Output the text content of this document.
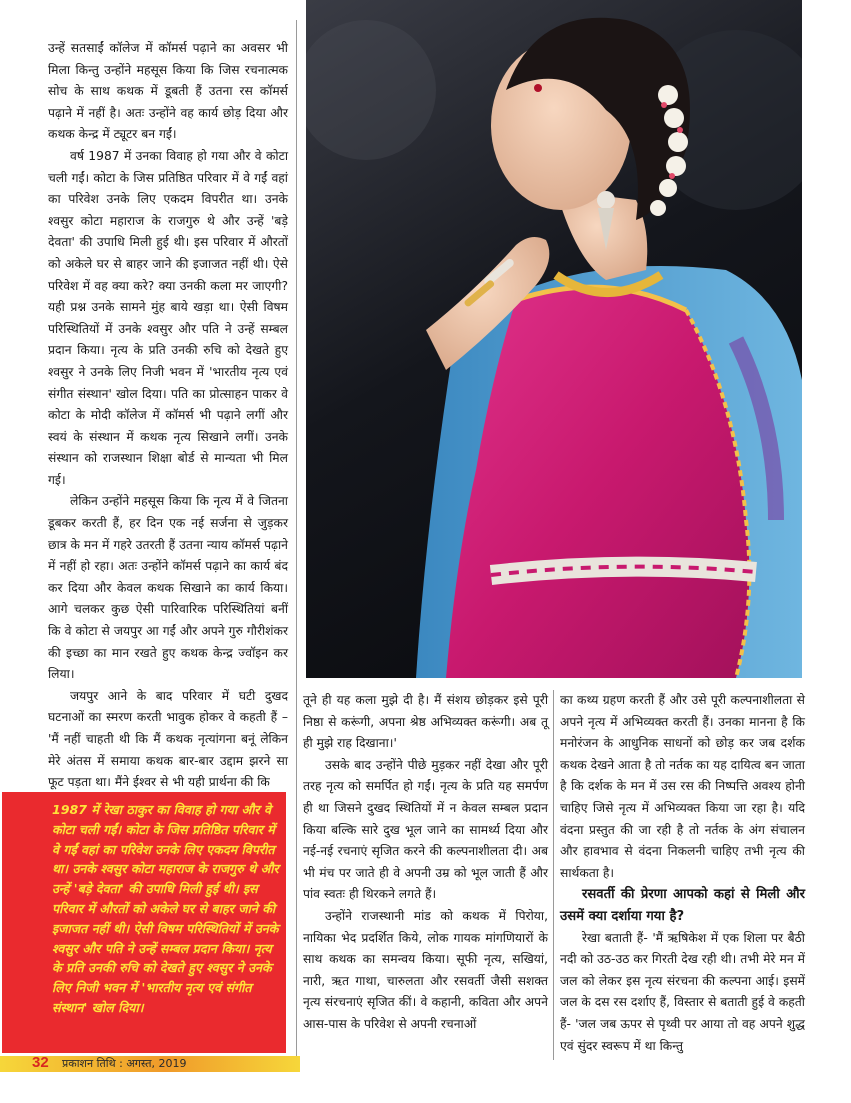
उन्हें सतसाईं कॉलेज में कॉमर्स पढ़ाने का अवसर भी मिला किन्तु उन्होंने महसूस किया कि जिस रचनात्मक सोच के साथ कथक में डूबती हैं उतना रस कॉमर्स पढ़ाने में नहीं है। अतः उन्होंने वह कार्य छोड़ दिया और कथक केन्द्र में ट्यूटर बन गईं।

वर्ष 1987 में उनका विवाह हो गया और वे कोटा चली गईं। कोटा के जिस प्रतिष्ठित परिवार में वे गईं वहां का परिवेश उनके लिए एकदम विपरीत था। उनके श्वसुर कोटा महाराज के राजगुरु थे और उन्हें 'बड़े देवता' की उपाधि मिली हुई थी। इस परिवार में औरतों को अकेले घर से बाहर जाने की इजाजत नहीं थी। ऐसे परिवेश में वह क्या करे? क्या उनकी कला मर जाएगी? यही प्रश्न उनके सामने मुंह बाये खड़ा था। ऐसी विषम परिस्थितियों में उनके श्वसुर और पति ने उन्हें सम्बल प्रदान किया। नृत्य के प्रति उनकी रुचि को देखते हुए श्वसुर ने उनके लिए निजी भवन में 'भारतीय नृत्य एवं संगीत संस्थान' खोल दिया। पति का प्रोत्साहन पाकर वे कोटा के मोदी कॉलेज में कॉमर्स भी पढ़ाने लगीं और स्वयं के संस्थान में कथक नृत्य सिखाने लगीं। उनके संस्थान को राजस्थान शिक्षा बोर्ड से मान्यता भी मिल गई।

लेकिन उन्होंने महसूस किया कि नृत्य में वे जितना डूबकर करती हैं, हर दिन एक नई सर्जना से जुड़कर छात्र के मन में गहरे उतरती हैं उतना न्याय कॉमर्स पढ़ाने में नहीं हो रहा। अतः उन्होंने कॉमर्स पढ़ाने का कार्य बंद कर दिया और केवल कथक सिखाने का कार्य किया। आगे चलकर कुछ ऐसी पारिवारिक परिस्थितियां बनीं कि वे कोटा से जयपुर आ गईं और अपने गुरु गौरीशंकर की इच्छा का मान रखते हुए कथक केन्द्र ज्वॉइन कर लिया।

जयपुर आने के बाद परिवार में घटी दुखद घटनाओं का स्मरण करती भावुक होकर वे कहती हैं – 'मैं नहीं चाहती थी कि मैं कथक नृत्यांगना बनूं लेकिन मेरे अंतस में समाया कथक बार-बार उद्दाम झरने सा फूट पड़ता था। मैंने ईश्वर से भी यही प्रार्थना की कि

तूने ही यह कला मुझे दी है। मैं संशय छोड़कर इसे पूरी निष्ठा से करूंगी, अपना श्रेष्ठ अभिव्यक्त करूंगी। अब तू ही मुझे राह दिखाना।'

उसके बाद उन्होंने पीछे मुड़कर नहीं देखा और पूरी तरह नृत्य को समर्पित हो गईं। नृत्य के प्रति यह समर्पण ही था जिसने दुखद स्थितियों में न केवल सम्बल प्रदान किया बल्कि सारे दुख भूल जाने का सामर्थ्य दिया और नई-नई रचनाएं सृजित करने की कल्पनाशीलता दी। अब भी मंच पर जाते ही वे अपनी उम्र को भूल जाती हैं और पांव स्वतः ही थिरकने लगते हैं।

उन्होंने राजस्थानी मांड को कथक में पिरोया, नायिका भेद प्रदर्शित किये, लोक गायक मांगणियारों के साथ कथक का समन्वय किया। सूफी नृत्य, सखियां, नारी, ऋत गाथा, चारुलता और रसवर्ती जैसी सशक्त नृत्य संरचनाएं सृजित कीं। वे कहानी, कविता और अपने आस-पास के परिवेश से अपनी रचनाओं

का कथ्य ग्रहण करती हैं और उसे पूरी कल्पनाशीलता से अपने नृत्य में अभिव्यक्त करती हैं। उनका मानना है कि मनोरंजन के आधुनिक साधनों को छोड़ कर जब दर्शक कथक देखने आता है तो नर्तक का यह दायित्व बन जाता है कि दर्शक के मन में उस रस की निष्पत्ति अवश्य होनी चाहिए जिसे नृत्य में अभिव्यक्त किया जा रहा है। यदि वंदना प्रस्तुत की जा रही है तो नर्तक के अंग संचालन और हावभाव से वंदना निकलनी चाहिए तभी नृत्य की सार्थकता है।

रसवर्ती की प्रेरणा आपको कहां से मिली और उसमें क्या दर्शाया गया है?

रेखा बताती हैं- 'मैं ऋषिकेश में एक शिला पर बैठी नदी को उठ-उठ कर गिरती देख रही थी। तभी मेरे मन में जल को लेकर इस नृत्य संरचना की कल्पना आई। इसमें जल के दस रस दर्शाए हैं, विस्तार से बताती हुई वे कहती हैं- 'जल जब ऊपर से पृथ्वी पर आया तो वह अपने शुद्ध एवं सुंदर स्वरूप में था किन्तु

1987 में रेखा ठाकुर का विवाह हो गया और वे कोटा चली गईं। कोटा के जिस प्रतिष्ठित परिवार में वे गईं वहां का परिवेश उनके लिए एकदम विपरीत था। उनके श्वसुर कोटा महाराज के राजगुरु थे और उन्हें 'बड़े देवता' की उपाधि मिली हुई थी। इस परिवार में औरतों को अकेले घर से बाहर जाने की इजाजत नहीं थी। ऐसी विषम परिस्थितियों में उनके श्वसुर और पति ने उन्हें सम्बल प्रदान किया। नृत्य के प्रति उनकी रुचि को देखते हुए श्वसुर ने उनके लिए निजी भवन में 'भारतीय नृत्य एवं संगीत संस्थान' खोल दिया।
32 प्रकाशन तिथि : अगस्त, 2019
